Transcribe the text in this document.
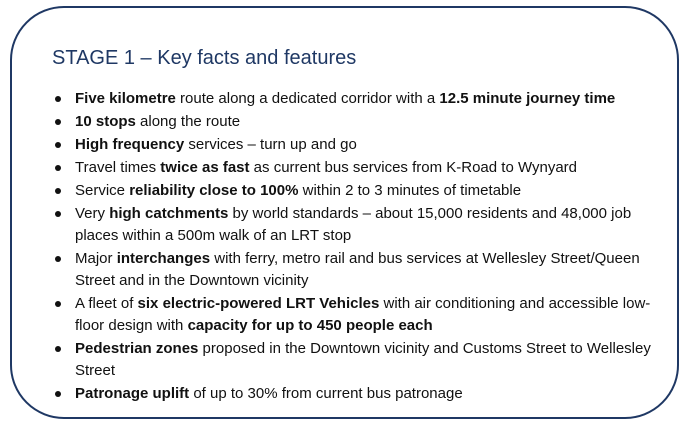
STAGE 1 – Key facts and features
Five kilometre route along a dedicated corridor with a 12.5 minute journey time
10 stops along the route
High frequency services – turn up and go
Travel times twice as fast as current bus services from K-Road to Wynyard
Service reliability close to 100% within 2 to 3 minutes of timetable
Very high catchments by world standards – about 15,000 residents and 48,000 job places within a 500m walk of an LRT stop
Major interchanges with ferry, metro rail and bus services at Wellesley Street/Queen Street and in the Downtown vicinity
A fleet of six electric-powered LRT Vehicles with air conditioning and accessible low-floor design with capacity for up to 450 people each
Pedestrian zones proposed in the Downtown vicinity and Customs Street to Wellesley Street
Patronage uplift of up to 30% from current bus patronage
